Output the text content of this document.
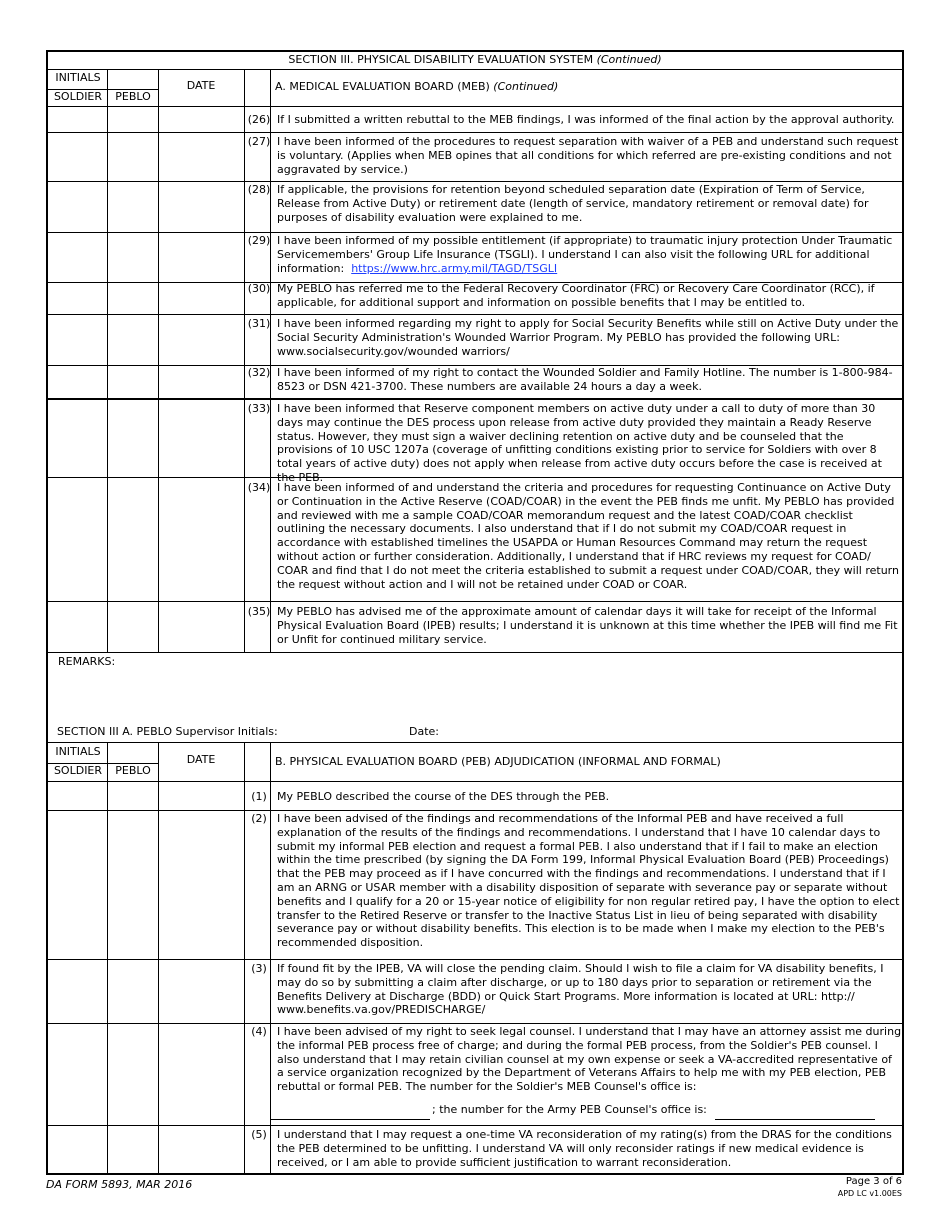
SECTION III. PHYSICAL DISABILITY EVALUATION SYSTEM (Continued)
INITIALS
SOLDIER	PEBLO
DATE	A. MEDICAL EVALUATION BOARD (MEB) (Continued)
(26) If I submitted a written rebuttal to the MEB findings, I was informed of the final action by the approval authority.
(27) I have been informed of the procedures to request separation with waiver of a PEB and understand such request is voluntary. (Applies when MEB opines that all conditions for which referred are pre-existing conditions and not aggravated by service.)
(28) If applicable, the provisions for retention beyond scheduled separation date (Expiration of Term of Service, Release from Active Duty) or retirement date (length of service, mandatory retirement or removal date) for purposes of disability evaluation were explained to me.
(29) I have been informed of my possible entitlement (if appropriate) to traumatic injury protection Under Traumatic Servicemembers' Group Life Insurance (TSGLI). I understand I can also visit the following URL for additional information: https://www.hrc.army.mil/TAGD/TSGLI
(30) My PEBLO has referred me to the Federal Recovery Coordinator (FRC) or Recovery Care Coordinator (RCC), if applicable, for additional support and information on possible benefits that I may be entitled to.
(31) I have been informed regarding my right to apply for Social Security Benefits while still on Active Duty under the Social Security Administration's Wounded Warrior Program. My PEBLO has provided the following URL: www.socialsecurity.gov/wounded warriors/
(32) I have been informed of my right to contact the Wounded Soldier and Family Hotline. The number is 1-800-984-8523 or DSN 421-3700. These numbers are available 24 hours a day a week.
(33) I have been informed that Reserve component members on active duty under a call to duty of more than 30 days may continue the DES process upon release from active duty provided they maintain a Ready Reserve status. However, they must sign a waiver declining retention on active duty and be counseled that the provisions of 10 USC 1207a (coverage of unfitting conditions existing prior to service for Soldiers with over 8 total years of active duty) does not apply when release from active duty occurs before the case is received at the PEB.
(34) I have been informed of and understand the criteria and procedures for requesting Continuance on Active Duty or Continuation in the Active Reserve (COAD/COAR) in the event the PEB finds me unfit. My PEBLO has provided and reviewed with me a sample COAD/COAR memorandum request and the latest COAD/COAR checklist outlining the necessary documents. I also understand that if I do not submit my COAD/COAR request in accordance with established timelines the USAPDA or Human Resources Command may return the request without action or further consideration. Additionally, I understand that if HRC reviews my request for COAD/ COAR and find that I do not meet the criteria established to submit a request under COAD/COAR, they will return the request without action and I will not be retained under COAD or COAR.
(35) My PEBLO has advised me of the approximate amount of calendar days it will take for receipt of the Informal Physical Evaluation Board (IPEB) results; I understand it is unknown at this time whether the IPEB will find me Fit or Unfit for continued military service.
REMARKS:
SECTION III A. PEBLO Supervisor Initials:	Date:
INITIALS
SOLDIER	PEBLO
DATE	B. PHYSICAL EVALUATION BOARD (PEB) ADJUDICATION (INFORMAL AND FORMAL)
(1) My PEBLO described the course of the DES through the PEB.
(2) I have been advised of the findings and recommendations of the Informal PEB and have received a full explanation of the results of the findings and recommendations. I understand that I have 10 calendar days to submit my informal PEB election and request a formal PEB. I also understand that if I fail to make an election within the time prescribed (by signing the DA Form 199, Informal Physical Evaluation Board (PEB) Proceedings) that the PEB may proceed as if I have concurred with the findings and recommendations. I understand that if I am an ARNG or USAR member with a disability disposition of separate with severance pay or separate without benefits and I qualify for a 20 or 15-year notice of eligibility for non regular retired pay, I have the option to elect transfer to the Retired Reserve or transfer to the Inactive Status List in lieu of being separated with disability severance pay or without disability benefits. This election is to be made when I make my election to the PEB's recommended disposition.
(3) If found fit by the IPEB, VA will close the pending claim. Should I wish to file a claim for VA disability benefits, I may do so by submitting a claim after discharge, or up to 180 days prior to separation or retirement via the Benefits Delivery at Discharge (BDD) or Quick Start Programs. More information is located at URL: http:// www.benefits.va.gov/PREDISCHARGE/
(4) I have been advised of my right to seek legal counsel. I understand that I may have an attorney assist me during the informal PEB process free of charge; and during the formal PEB process, from the Soldier's PEB counsel. I also understand that I may retain civilian counsel at my own expense or seek a VA-accredited representative of a service organization recognized by the Department of Veterans Affairs to help me with my PEB election, PEB rebuttal or formal PEB. The number for the Soldier's MEB Counsel's office is:
; the number for the Army PEB Counsel's office is:
(5) I understand that I may request a one-time VA reconsideration of my rating(s) from the DRAS for the conditions the PEB determined to be unfitting. I understand VA will only reconsider ratings if new medical evidence is received, or I am able to provide sufficient justification to warrant reconsideration.
DA FORM 5893, MAR 2016	Page 3 of 6
APD LC v1.00ES
